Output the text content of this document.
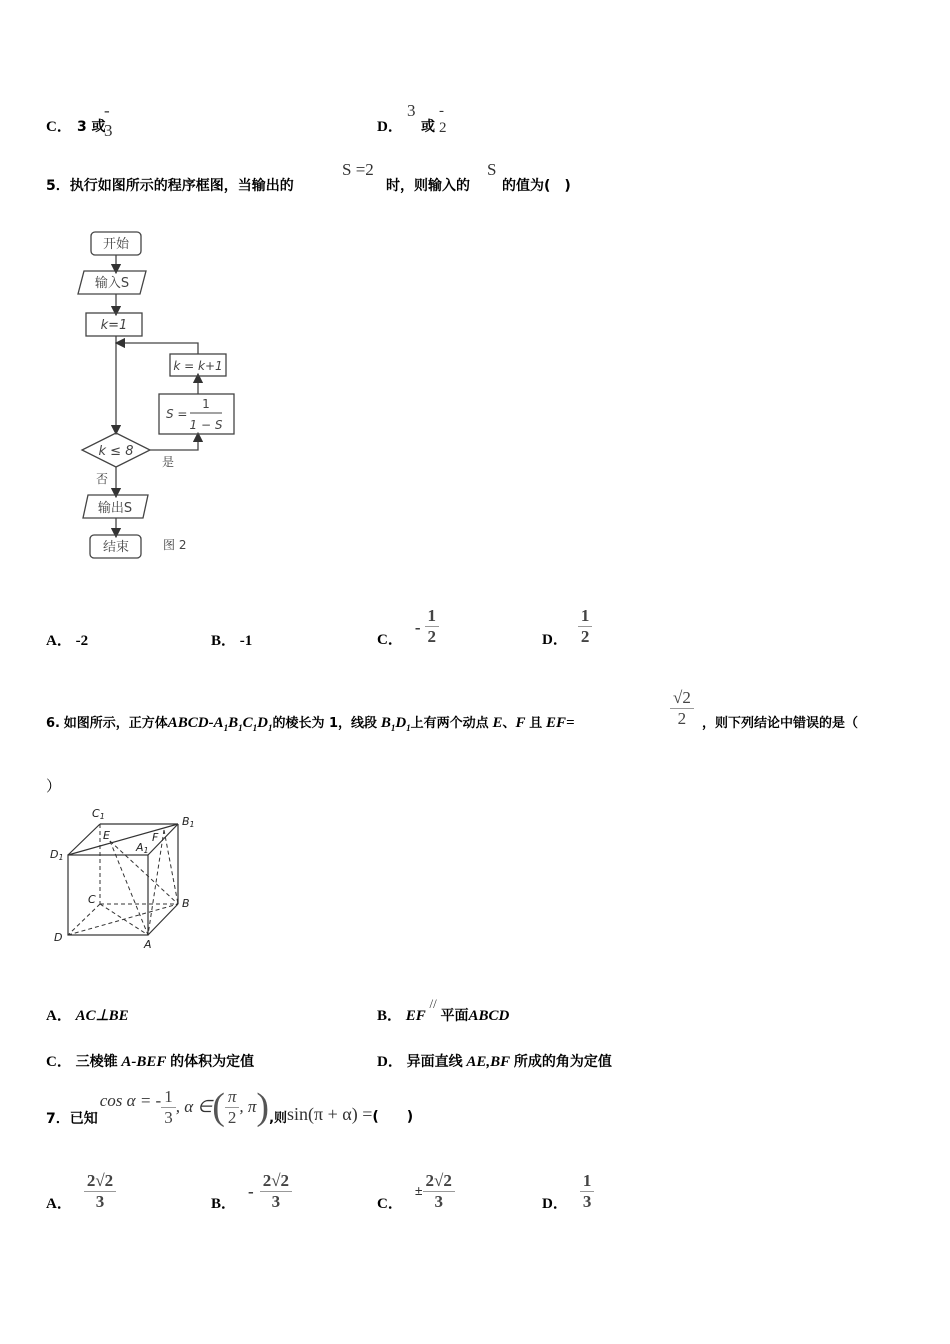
C． 3 或
- 3	D．
3
或
- 2
5．执行如图所示的程序框图，当输出的
S =2
时，则输入的
S
的值为(　)
开始
输入S
k=1
k = k+1
S =
1
1 − S
k ≤ 8
是
否
输出S
结束	图 2
A． -2	B． -1	C．
- $\frac{1}{2}$	D． $\frac{1}{2}$
6. 如图所示，正方体ABCD-$A_1B_1C_1D_1$的棱长为 1，线段 $B_1D_1$上有两个动点 E、F 且 EF=	$\frac{√2}{2}$ ，则下列结论中错误的是（
）
C1	B1
D1
A1
E	F
C	B
D
A
A． AC⊥BE	B． EF // 平面ABCD
C． 三棱锥 A-BEF 的体积为定值	D． 异面直线 AE,BF 所成的角为定值
7． 已知
cos α = - $\frac{1}{3}$ , α ∈ ( $\frac{\pi}{2}$ , π ) ,则 sin(π + α) = (　　)
A． $\frac{2√2}{3}$	B．
- $\frac{2√2}{3}$	C．
± $\frac{2√2}{3}$	D． $\frac{1}{3}$
